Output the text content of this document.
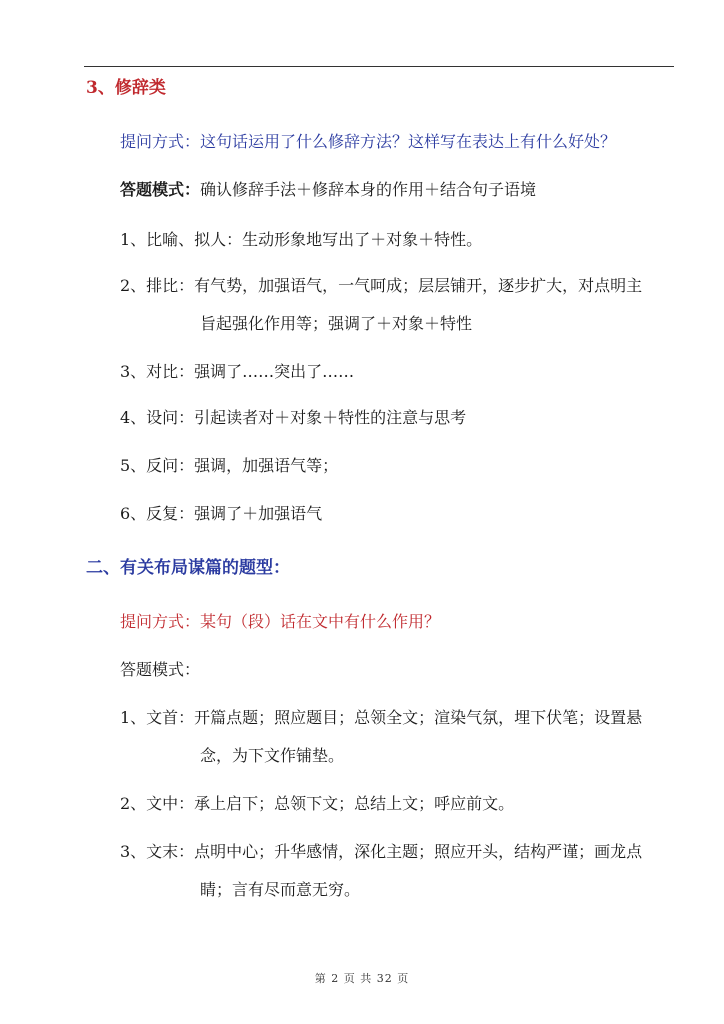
3、修辞类
提问方式：这句话运用了什么修辞方法？这样写在表达上有什么好处？
答题模式：确认修辞手法＋修辞本身的作用＋结合句子语境
1、比喻、拟人：生动形象地写出了＋对象＋特性。
2、排比：有气势，加强语气，一气呵成；层层铺开，逐步扩大，对点明主
旨起强化作用等；强调了＋对象＋特性
3、对比：强调了……突出了……
4、设问：引起读者对＋对象＋特性的注意与思考
5、反问：强调，加强语气等；
6、反复：强调了＋加强语气
二、有关布局谋篇的题型：
提问方式：某句（段）话在文中有什么作用？
答题模式：
1、文首：开篇点题；照应题目；总领全文；渲染气氛，埋下伏笔；设置悬
念，为下文作铺垫。
2、文中：承上启下；总领下文；总结上文；呼应前文。
3、文末：点明中心；升华感情，深化主题；照应开头，结构严谨；画龙点
睛；言有尽而意无穷。
第 2 页 共 32 页
